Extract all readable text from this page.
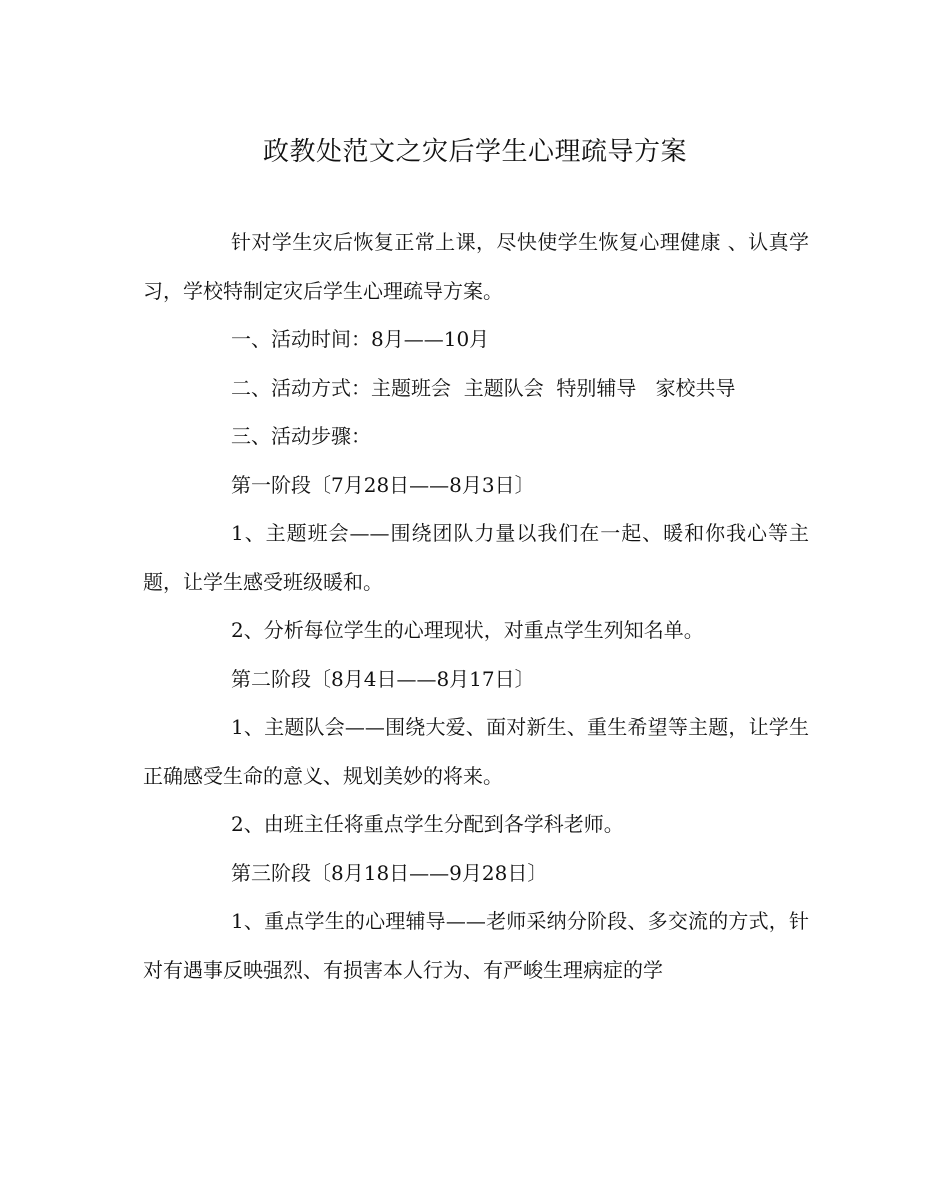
政教处范文之灾后学生心理疏导方案

针对学生灾后恢复正常上课，尽快使学生恢复心理健康 、认真学习，学校特制定灾后学生心理疏导方案。

一、活动时间：8月——10月

二、活动方式：主题班会  主题队会  特别辅导   家校共导

三、活动步骤：

第一阶段〔7月28日——8月3日〕

1、主题班会——围绕团队力量以我们在一起、暖和你我心等主题，让学生感受班级暖和。

2、分析每位学生的心理现状，对重点学生列知名单。

第二阶段〔8月4日——8月17日〕

1、主题队会——围绕大爱、面对新生、重生希望等主题，让学生正确感受生命的意义、规划美妙的将来。

2、由班主任将重点学生分配到各学科老师。

第三阶段〔8月18日——9月28日〕

1、重点学生的心理辅导——老师采纳分阶段、多交流的方式，针对有遇事反映强烈、有损害本人行为、有严峻生理病症的学
